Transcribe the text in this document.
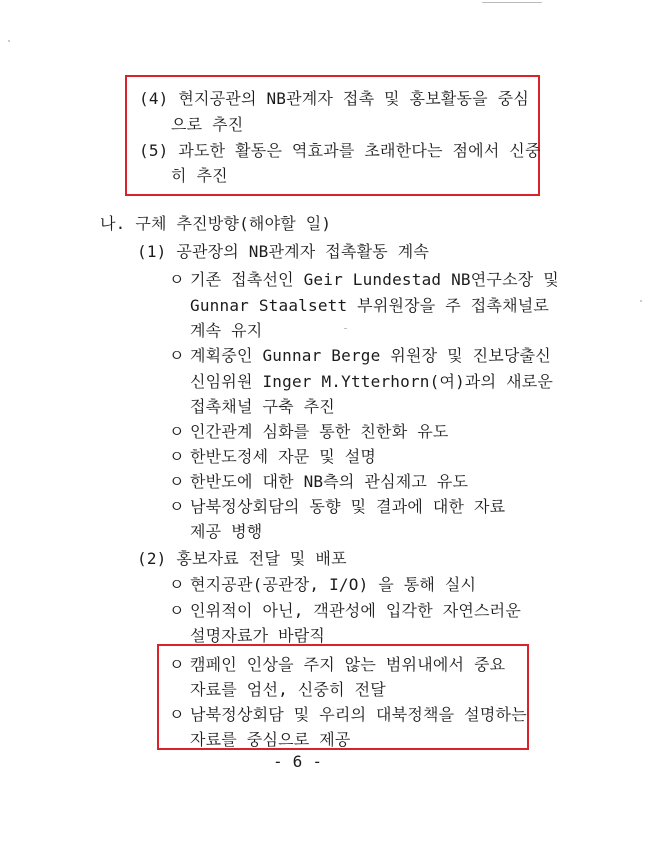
(4) 현지공관의 NB관계자 접촉 및 홍보활동을 중심
으로 추진
(5) 과도한 활동은 역효과를 초래한다는 점에서 신중
히 추진
나. 구체 추진방향(해야할 일)
(1) 공관장의 NB관계자 접촉활동 계속
ㅇ 기존 접촉선인 Geir Lundestad NB연구소장 및
Gunnar Staalsett 부위원장을 주 접촉채널로
계속 유지
ㅇ 계획중인 Gunnar Berge 위원장 및 진보당출신
신임위원 Inger M.Ytterhorn(여)과의 새로운
접촉채널 구축 추진
ㅇ 인간관계 심화를 통한 친한화 유도
ㅇ 한반도정세 자문 및 설명
ㅇ 한반도에 대한 NB측의 관심제고 유도
ㅇ 남북정상회담의 동향 및 결과에 대한 자료
제공 병행
(2) 홍보자료 전달 및 배포
ㅇ 현지공관(공관장, I/O) 을 통해 실시
ㅇ 인위적이 아닌, 객관성에 입각한 자연스러운
설명자료가 바람직
ㅇ 캠페인 인상을 주지 않는 범위내에서 중요
자료를 엄선, 신중히 전달
ㅇ 남북정상회담 및 우리의 대북정책을 설명하는
자료를 중심으로 제공
- 6 -
